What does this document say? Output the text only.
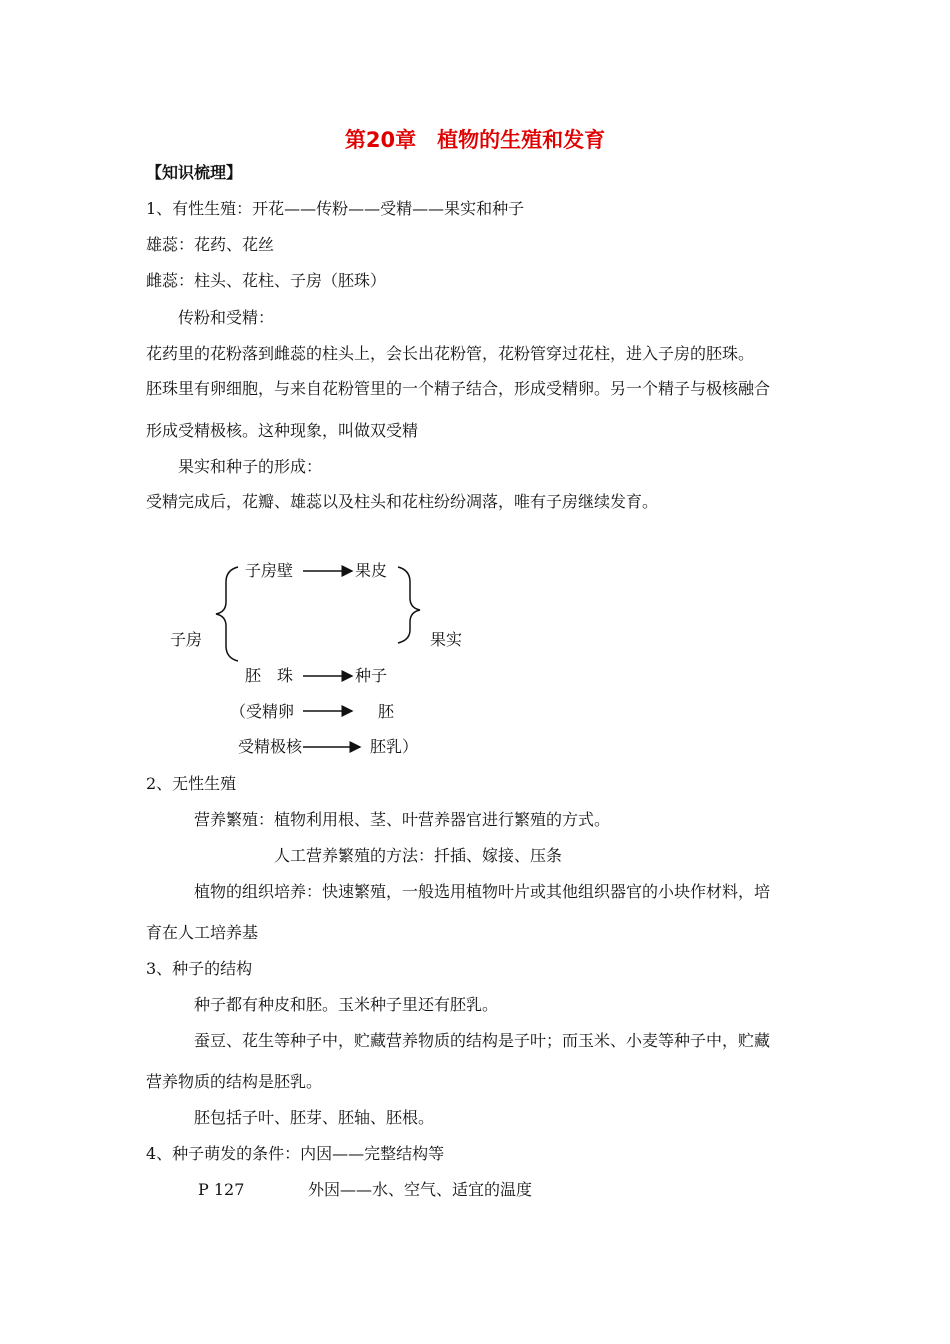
第20章　植物的生殖和发育
【知识梳理】
1、有性生殖：开花——传粉——受精——果实和种子
雄蕊：花药、花丝
雌蕊：柱头、花柱、子房（胚珠）
传粉和受精：
花药里的花粉落到雌蕊的柱头上，会长出花粉管，花粉管穿过花柱，进入子房的胚珠。
胚珠里有卵细胞，与来自花粉管里的一个精子结合，形成受精卵。另一个精子与极核融合
形成受精极核。这种现象，叫做双受精
果实和种子的形成：
受精完成后，花瓣、雄蕊以及柱头和花柱纷纷凋落，唯有子房继续发育。
子房壁	果皮
子房	果实
胚　珠	种子
（受精卵	胚
受精极核	胚乳）
2、无性生殖
营养繁殖：植物利用根、茎、叶营养器官进行繁殖的方式。
人工营养繁殖的方法：扦插、嫁接、压条
植物的组织培养：快速繁殖，一般选用植物叶片或其他组织器官的小块作材料，培
育在人工培养基
3、种子的结构
种子都有种皮和胚。玉米种子里还有胚乳。
蚕豆、花生等种子中，贮藏营养物质的结构是子叶；而玉米、小麦等种子中，贮藏
营养物质的结构是胚乳。
胚包括子叶、胚芽、胚轴、胚根。
4、种子萌发的条件：内因——完整结构等
P 127	外因——水、空气、适宜的温度
